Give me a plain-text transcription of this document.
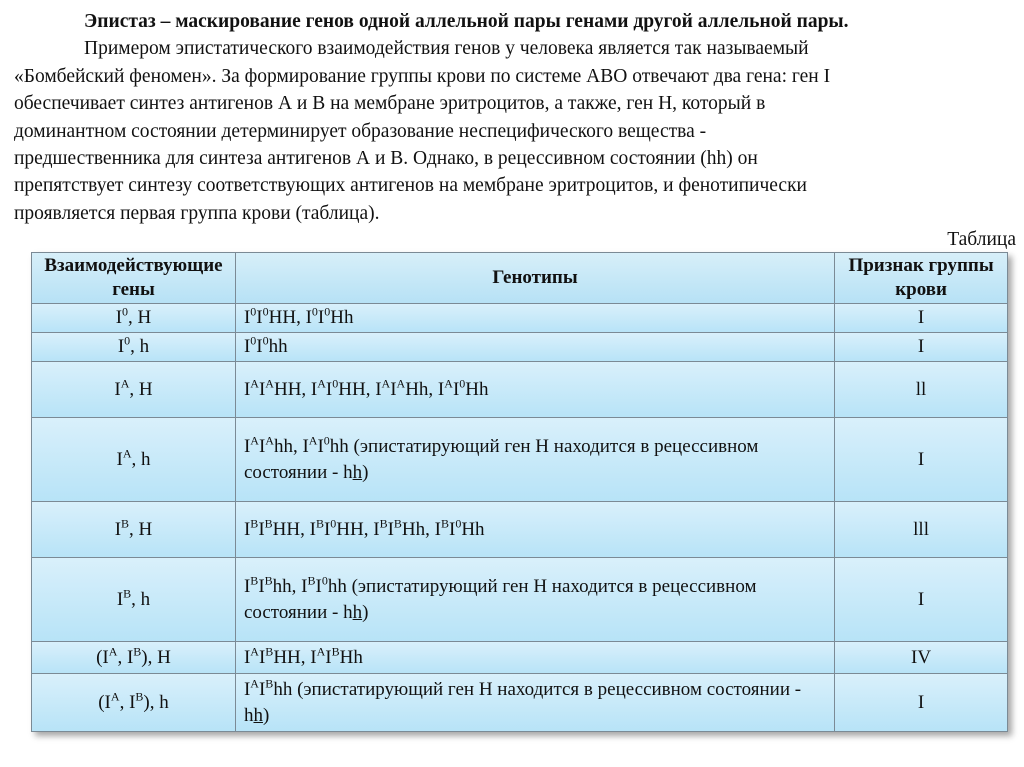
Эпистаз – маскирование генов одной аллельной пары генами другой аллельной пары.
Примером эпистатического взаимодействия генов у человека является так называемый
«Бомбейский феномен». За формирование группы крови по системе АВО отвечают два гена: ген I
обеспечивает синтез антигенов А и В на мембране эритроцитов, а также, ген Н, который в
доминантном состоянии детерминирует образование неспецифического вещества -
предшественника для синтеза антигенов А и В. Однако, в рецессивном состоянии (hh) он
препятствует синтезу соответствующих антигенов на мембране эритроцитов, и фенотипически
проявляется первая группа крови (таблица).
Таблица
Взаимодействующие гены	Генотипы	Признак группы крови
$I^0$, H	$I^0I^0HH$, $I^0I^0Hh$	I
$I^0$, h	$I^0I^0hh$	I
$I^A$, H	$I^AI^AHH$, $I^AI^0HH$, $I^AI^AHh$, $I^AI^0Hh$	ll
$I^A$, h	$I^AI^Ahh$, $I^AI^0hh$ (эпистатирующий ген Н находится в рецессивном состоянии - hh)	I
$I^B$, H	$I^BI^BHH$, $I^BI^0HH$, $I^BI^BHh$, $I^BI^0Hh$	lll
$I^B$, h	$I^BI^Bhh$, $I^BI^0hh$ (эпистатирующий ген Н находится в рецессивном состоянии - hh)	I
($I^A$, $I^B$), H	$I^AI^BHH$, $I^AI^BHh$	IV
($I^A$, $I^B$), h	$I^AI^Bhh$ (эпистатирующий ген Н находится в рецессивном состоянии - hh)	I
